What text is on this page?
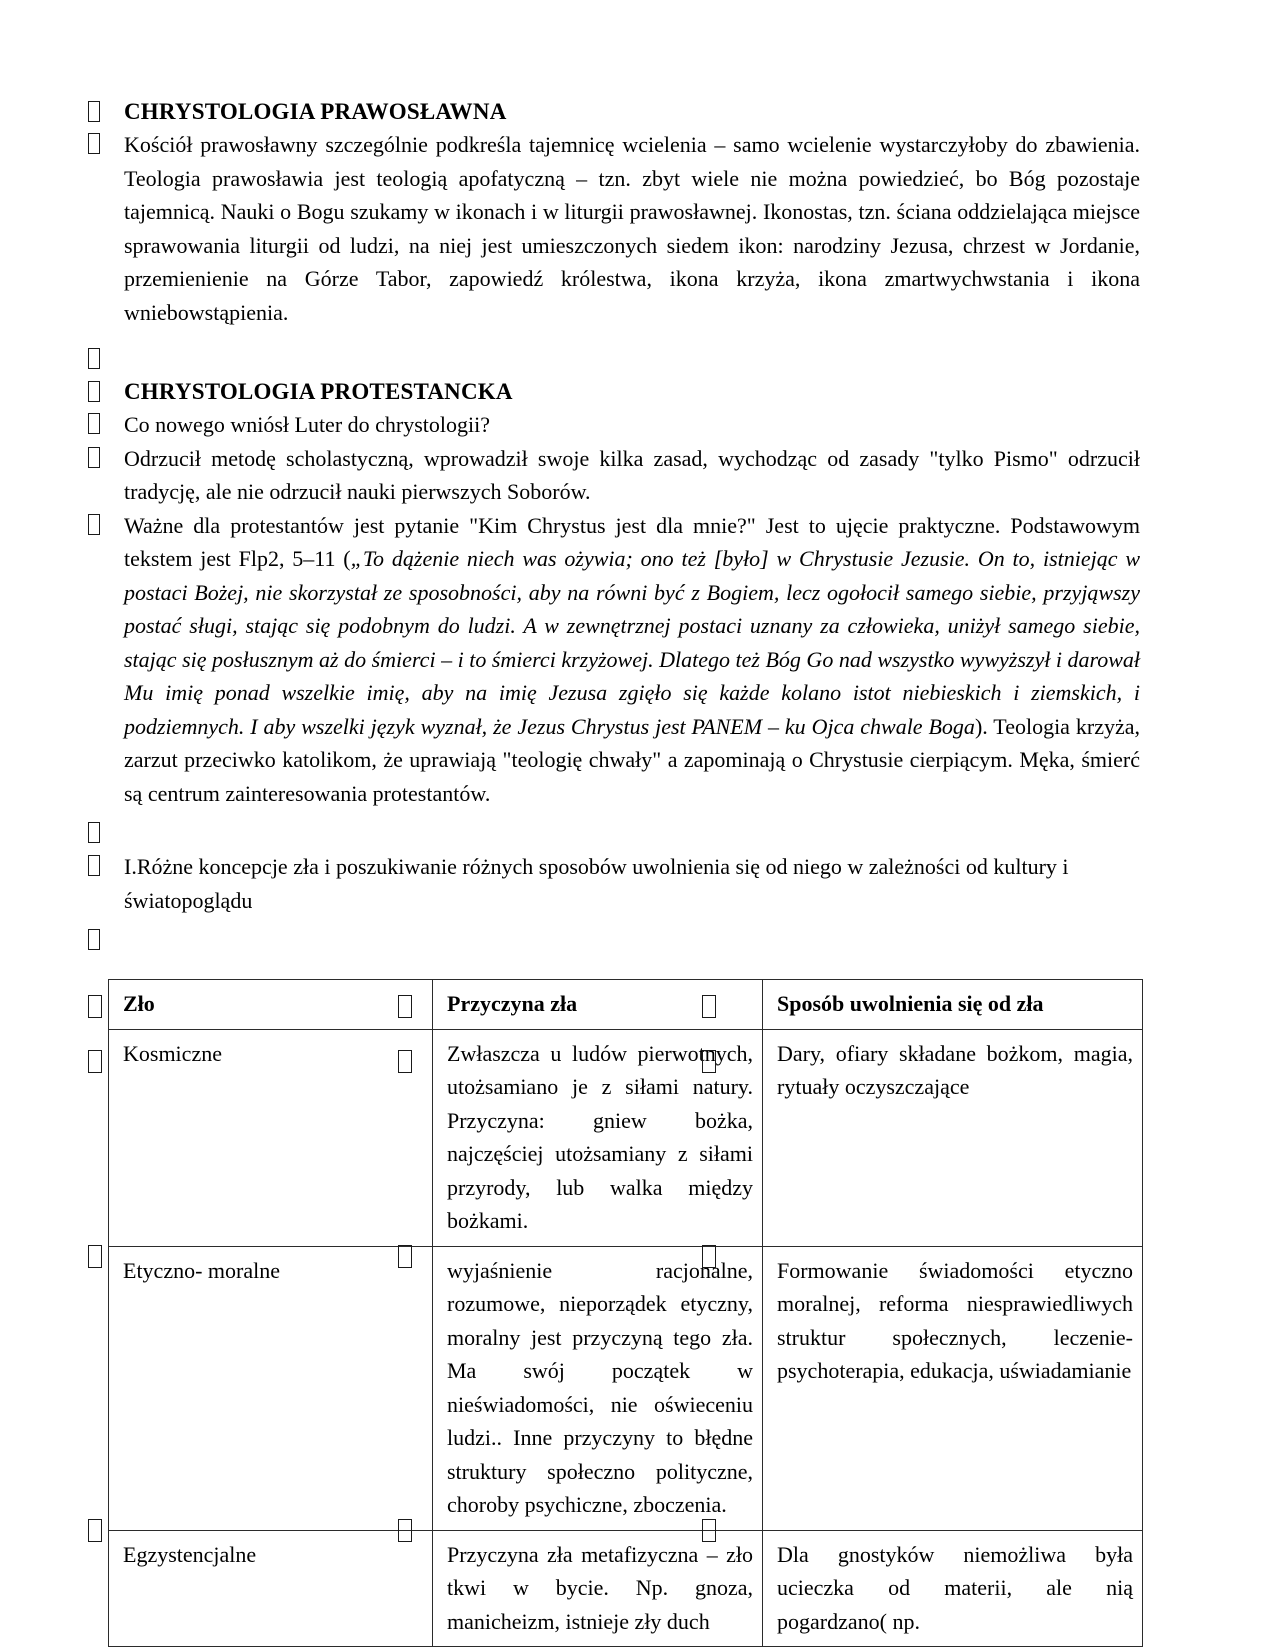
CHRYSTOLOGIA PRAWOSŁAWNA

Kościół prawosławny szczególnie podkreśla tajemnicę wcielenia – samo wcielenie wystarczyłoby do zbawienia. Teologia prawosławia jest teologią apofatyczną – tzn. zbyt wiele nie można powiedzieć, bo Bóg pozostaje tajemnicą. Nauki o Bogu szukamy w ikonach i w liturgii prawosławnej. Ikonostas, tzn. ściana oddzielająca miejsce sprawowania liturgii od ludzi, na niej jest umieszczonych siedem ikon: narodziny Jezusa, chrzest w Jordanie, przemienienie na Górze Tabor, zapowiedź królestwa, ikona krzyża, ikona zmartwychwstania i ikona wniebowstąpienia.

CHRYSTOLOGIA PROTESTANCKA

Co nowego wniósł Luter do chrystologii?

Odrzucił metodę scholastyczną, wprowadził swoje kilka zasad, wychodząc od zasady "tylko Pismo" odrzucił tradycję, ale nie odrzucił nauki pierwszych Soborów.

Ważne dla protestantów jest pytanie "Kim Chrystus jest dla mnie?" Jest to ujęcie praktyczne. Podstawowym tekstem jest Flp2, 5–11 („To dążenie niech was ożywia; ono też [było] w Chrystusie Jezusie. On to, istniejąc w postaci Bożej, nie skorzystał ze sposobności, aby na równi być z Bogiem, lecz ogołocił samego siebie, przyjąwszy postać sługi, stając się podobnym do ludzi. A w zewnętrznej postaci uznany za człowieka, uniżył samego siebie, stając się posłusznym aż do śmierci – i to śmierci krzyżowej. Dlatego też Bóg Go nad wszystko wywyższył i darował Mu imię ponad wszelkie imię, aby na imię Jezusa zgięło się każde kolano istot niebieskich i ziemskich, i podziemnych. I aby wszelki język wyznał, że Jezus Chrystus jest PANEM – ku Ojca chwale Boga). Teologia krzyża, zarzut przeciwko katolikom, że uprawiają "teologię chwały" a zapominają o Chrystusie cierpiącym. Męka, śmierć są centrum zainteresowania protestantów.

I.Różne koncepcje zła i poszukiwanie różnych sposobów uwolnienia się od niego w zależności od kultury i światopoglądu

Zło	Przyczyna zła	Sposób uwolnienia się od zła
Kosmiczne	Zwłaszcza u ludów pierwotnych, utożsamiano je z siłami natury. Przyczyna: gniew bożka, najczęściej utożsamiany z siłami przyrody, lub walka między bożkami.	Dary, ofiary składane bożkom, magia, rytuały oczyszczające
Etyczno- moralne	wyjaśnienie racjonalne, rozumowe, nieporządek etyczny, moralny jest przyczyną tego zła. Ma swój początek w nieświadomości, nie oświeceniu ludzi.. Inne przyczyny to błędne struktury społeczno polityczne, choroby psychiczne, zboczenia.	Formowanie świadomości etyczno moralnej, reforma niesprawiedliwych struktur społecznych, leczenie-psychoterapia, edukacja, uświadamianie
Egzystencjalne	Przyczyna zła metafizyczna – zło tkwi w bycie. Np. gnoza, manicheizm, istnieje zły duch	Dla gnostyków niemożliwa była ucieczka od materii, ale nią pogardzano( np.
